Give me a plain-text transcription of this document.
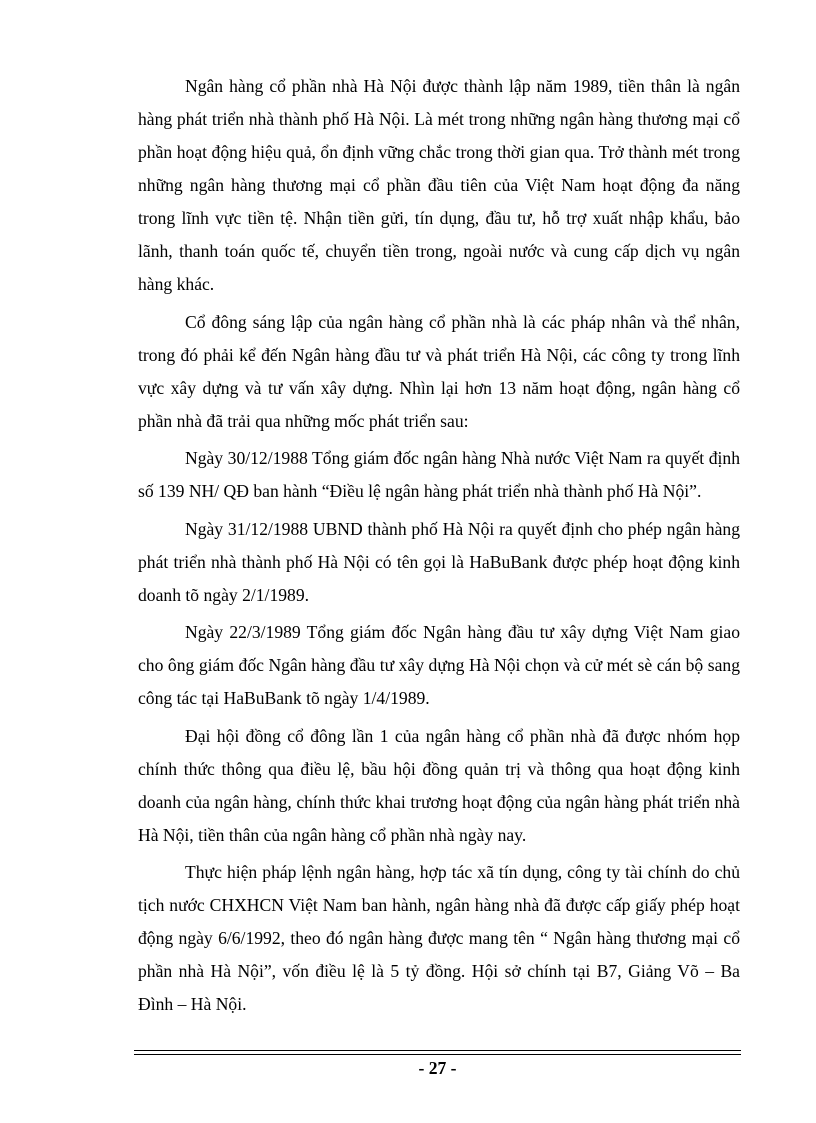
Ngân hàng cổ phần nhà Hà Nội được thành lập năm 1989, tiền thân là ngân hàng phát triển nhà thành phố Hà Nội. Là mét trong những ngân hàng thương mại cổ phần hoạt động hiệu quả, ổn định vững chắc trong thời gian qua. Trở thành mét trong những ngân hàng thương mại cổ phần đầu tiên của Việt Nam hoạt động đa năng trong lĩnh vực tiền tệ. Nhận tiền gửi, tín dụng, đầu tư, hỗ trợ xuất nhập khẩu, bảo lãnh, thanh toán quốc tế, chuyển tiền trong, ngoài nước và cung cấp dịch vụ ngân hàng khác.

Cổ đông sáng lập của ngân hàng cổ phần nhà là các pháp nhân và thể nhân, trong đó phải kể đến Ngân hàng đầu tư và phát triển Hà Nội, các công ty trong lĩnh vực xây dựng và tư vấn xây dựng. Nhìn lại hơn 13 năm hoạt động, ngân hàng cổ phần nhà đã trải qua những mốc phát triển sau:

Ngày 30/12/1988 Tổng giám đốc ngân hàng Nhà nước Việt Nam ra quyết định số 139 NH/ QĐ ban hành “Điều lệ ngân hàng phát triển nhà thành phố Hà Nội”.

Ngày 31/12/1988 UBND thành phố Hà Nội ra quyết định cho phép ngân hàng phát triển nhà thành phố Hà Nội có tên gọi là HaBuBank được phép hoạt động kinh doanh tõ ngày 2/1/1989.

Ngày 22/3/1989 Tổng giám đốc Ngân hàng đầu tư xây dựng Việt Nam giao cho ông giám đốc Ngân hàng đầu tư xây dựng Hà Nội chọn và cử mét sè cán bộ sang công tác tại HaBuBank tõ ngày 1/4/1989.

Đại hội đồng cổ đông lần 1 của ngân hàng cổ phần nhà đã được nhóm họp chính thức thông qua điều lệ, bầu hội đồng quản trị và thông qua hoạt động kinh doanh của ngân hàng, chính thức khai trương hoạt động của ngân hàng phát triển nhà Hà Nội, tiền thân của ngân hàng cổ phần nhà ngày nay.

Thực hiện pháp lệnh ngân hàng, hợp tác xã tín dụng, công ty tài chính do chủ tịch nước CHXHCN Việt Nam ban hành, ngân hàng nhà đã được cấp giấy phép hoạt động ngày 6/6/1992, theo đó ngân hàng được mang tên “ Ngân hàng thương mại cổ phần nhà Hà Nội”, vốn điều lệ là 5 tỷ đồng. Hội sở chính tại B7, Giảng Võ – Ba Đình – Hà Nội.

- 27 -
